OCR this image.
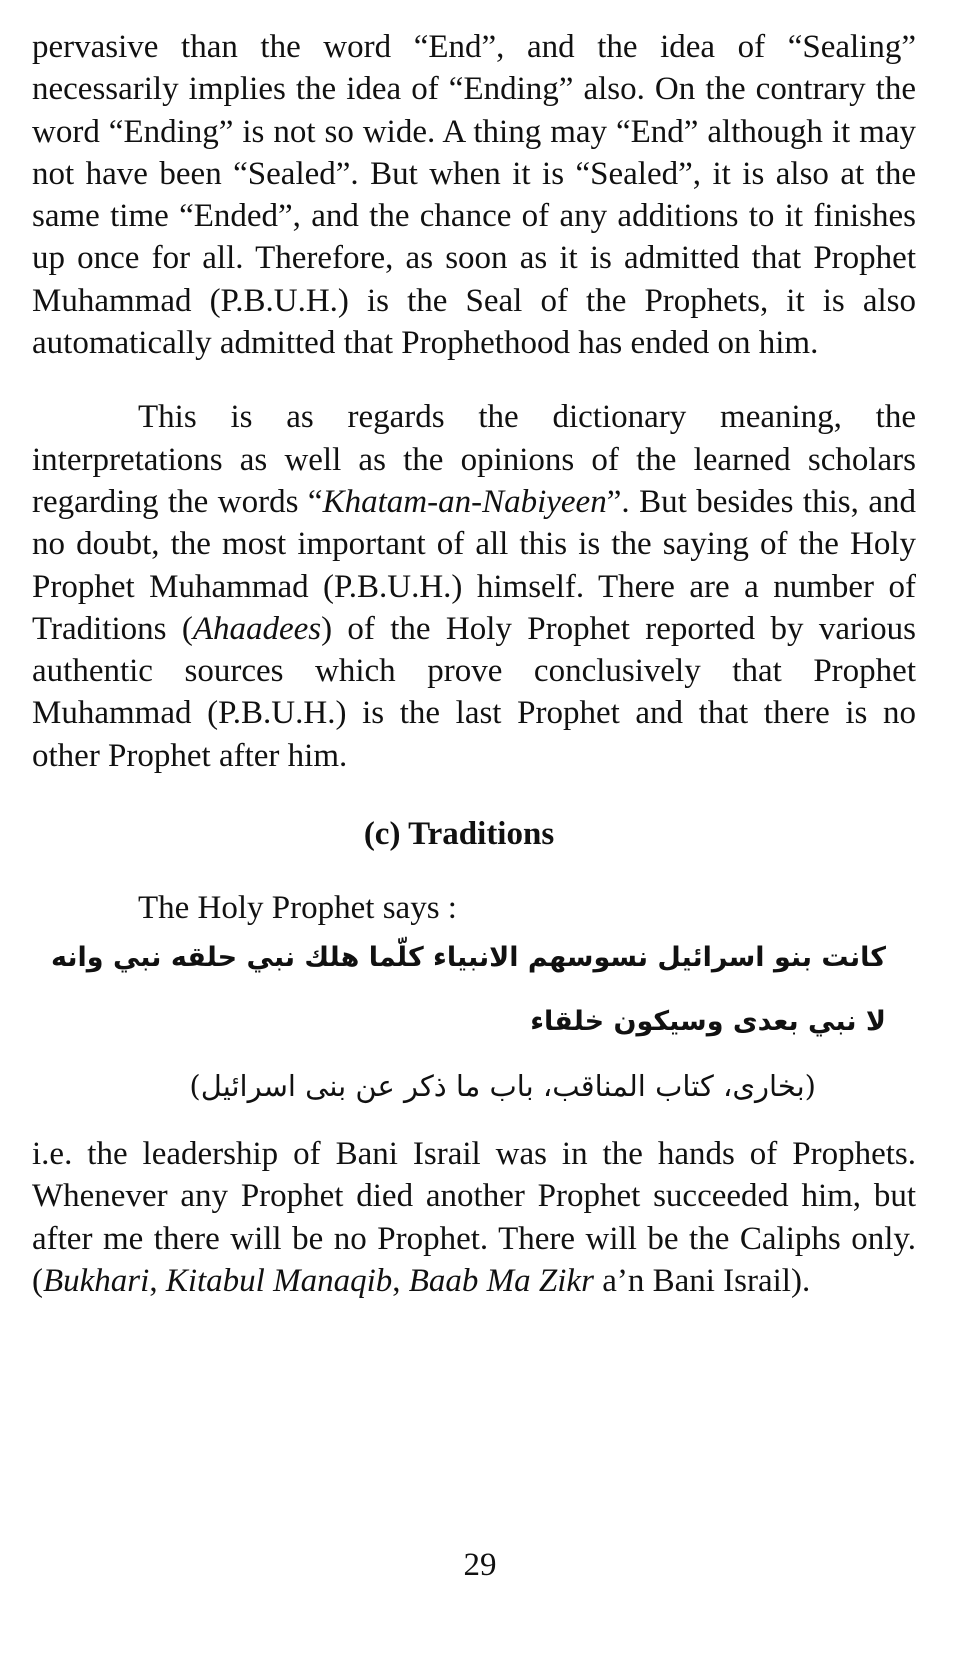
pervasive than the word “End”, and the idea of “Sealing” necessarily implies the idea of “Ending” also. On the contrary the word “Ending” is not so wide. A thing may “End” although it may not have been “Sealed”. But when it is “Sealed”, it is also at the same time “Ended”, and the chance of any additions to it finishes up once for all. Therefore, as soon as it is admitted that Prophet Muhammad (P.B.U.H.) is the Seal of the Prophets, it is also automatically admitted that Prophethood has ended on him.

This is as regards the dictionary meaning, the interpretations as well as the opinions of the learned scholars regarding the words “Khatam-an-Nabiyeen”. But besides this, and no doubt, the most important of all this is the saying of the Holy Prophet Muhammad (P.B.U.H.) himself. There are a number of Traditions (Ahaadees) of the Holy Prophet reported by various authentic sources which prove conclusively that Prophet Muhammad (P.B.U.H.) is the last Prophet and that there is no other Prophet after him.

(c) Traditions

The Holy Prophet says :

كانت بنو اسرائيل نسوسهم الانبياء كلّما هلك نبي حلقه نبي وانه

لا نبي بعدى وسيكون خلقاء

(بخاری، کتاب المناقب، باب ما ذکر عن بنی اسرائیل)

i.e. the leadership of Bani Israil was in the hands of Prophets. Whenever any Prophet died another Prophet succeeded him, but after me there will be no Prophet. There will be the Caliphs only. (Bukhari, Kitabul Manaqib, Baab Ma Zikr a’n Bani Israil).

29
